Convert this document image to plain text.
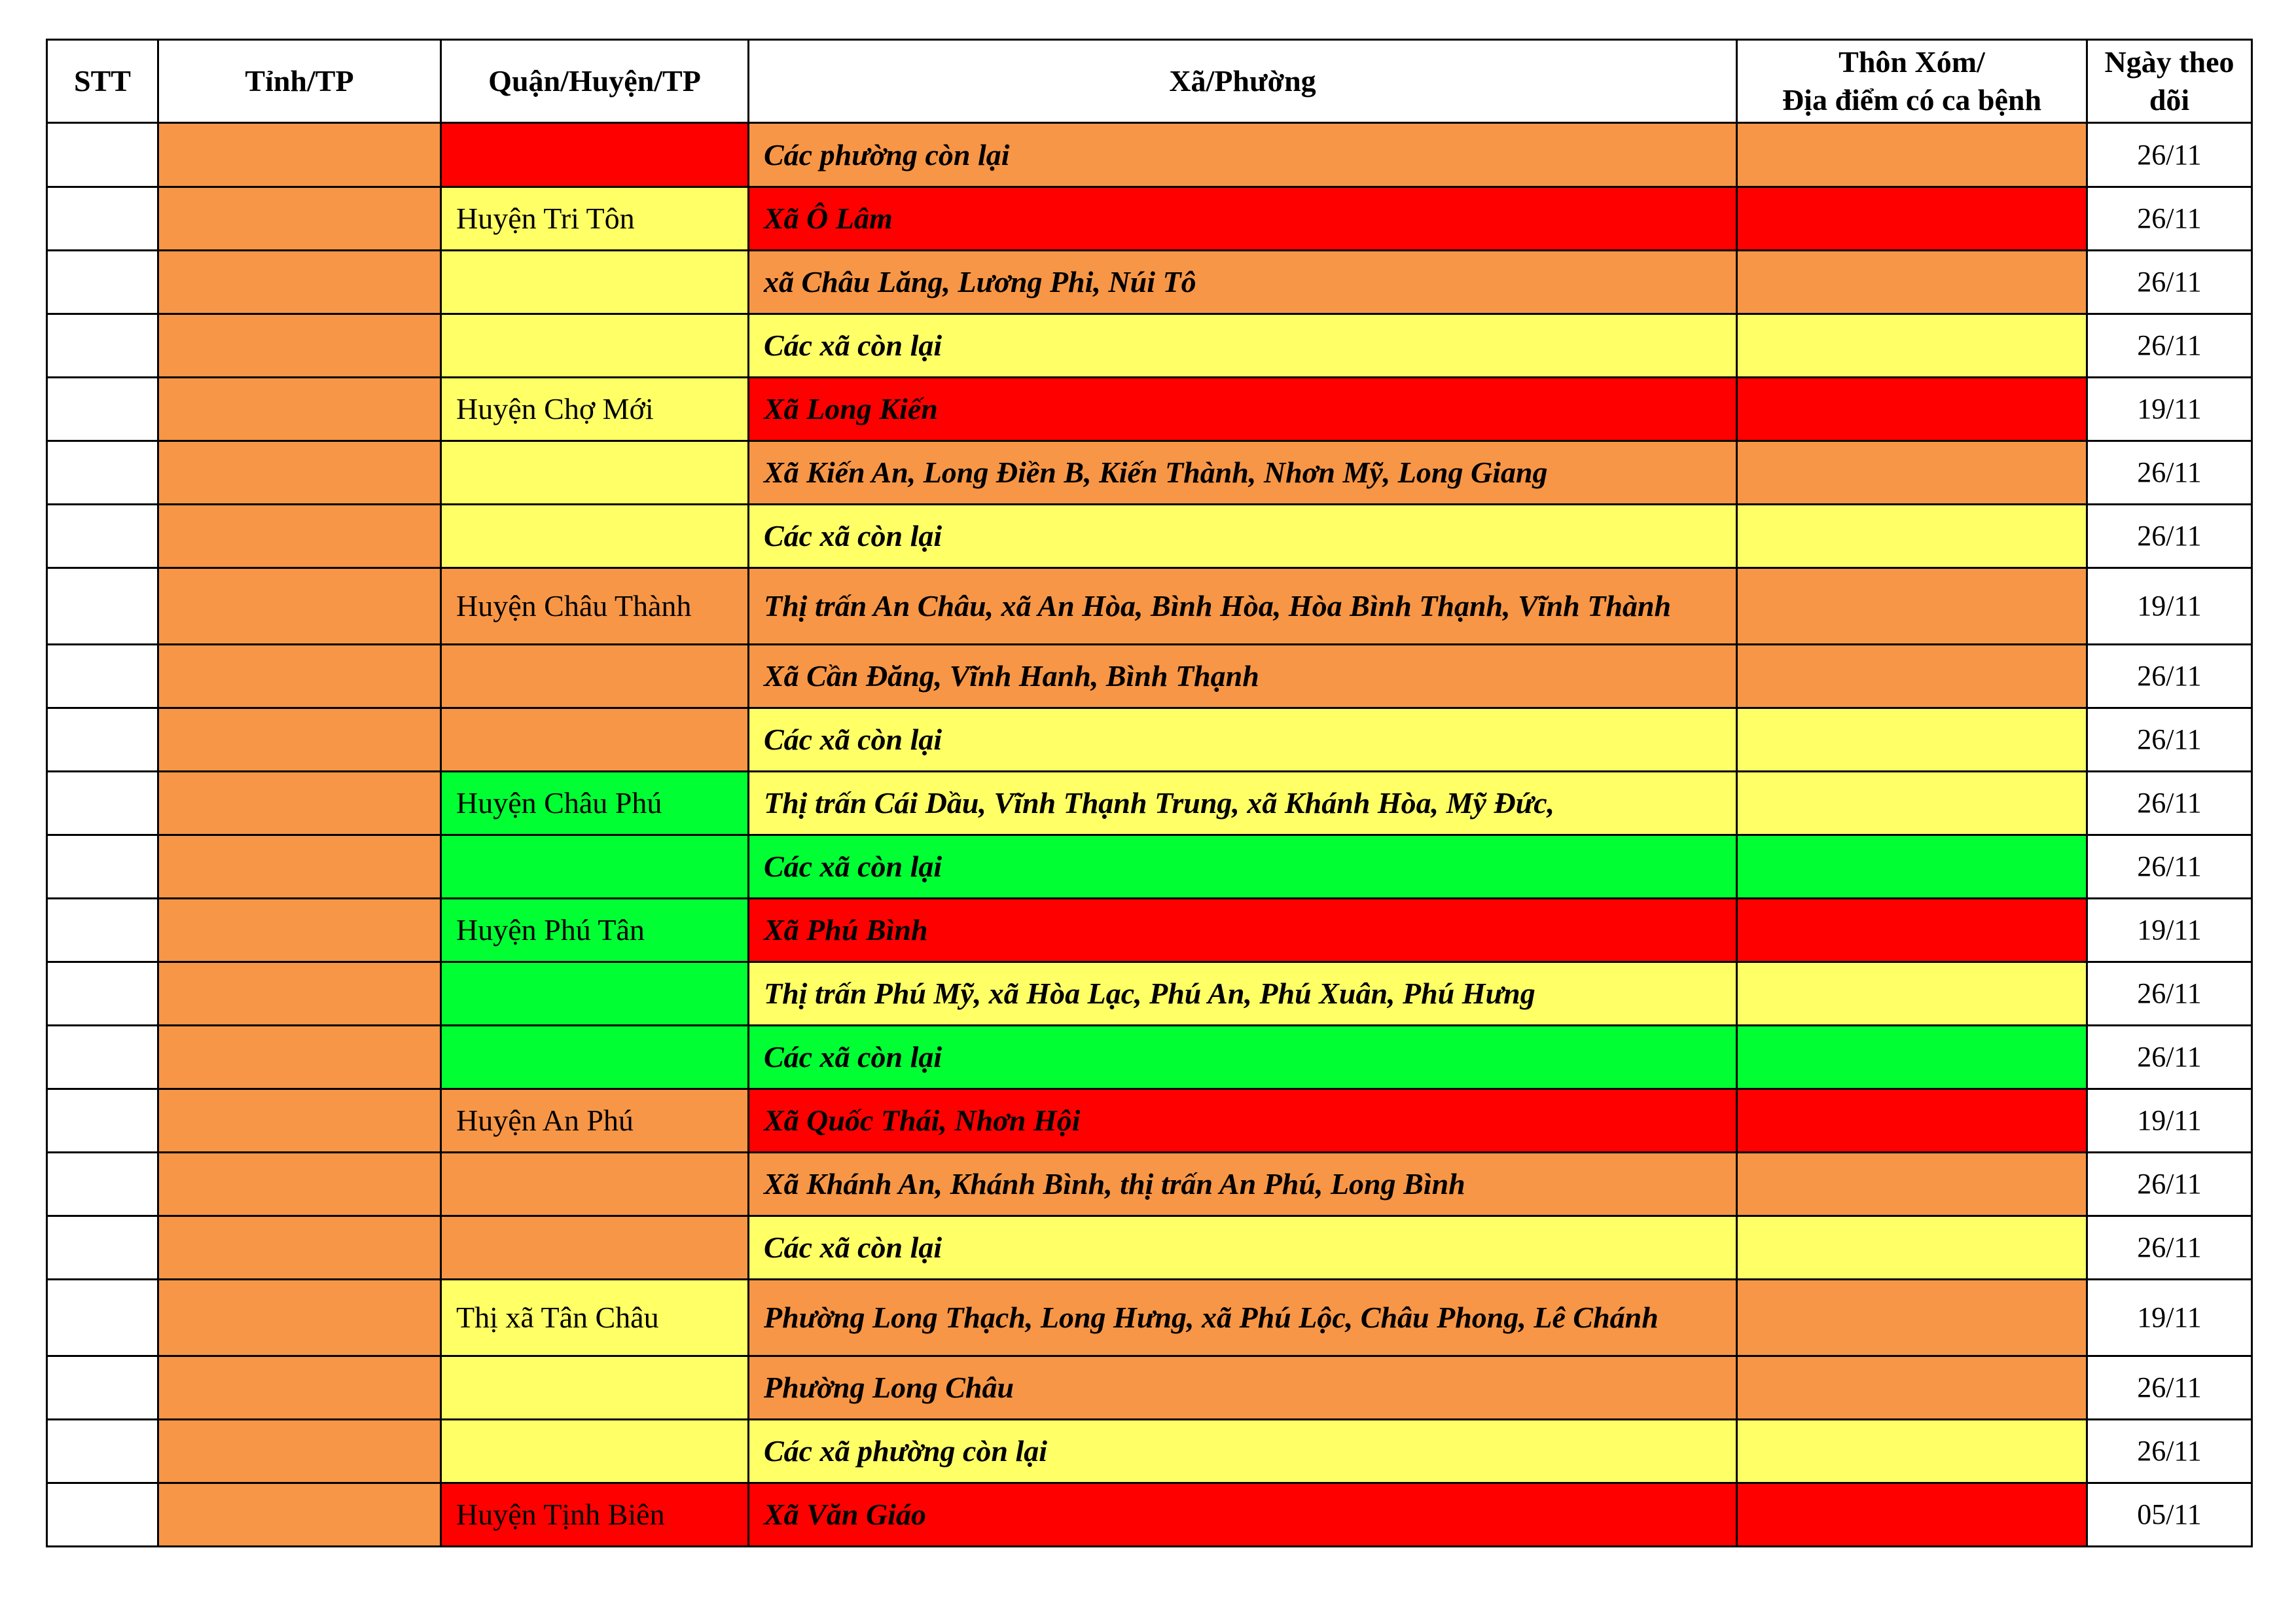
STT	Tỉnh/TP	Quận/Huyện/TP	Xã/Phường	Thôn Xóm/
Địa điểm có ca bệnh	Ngày theo
dõi
			Các phường còn lại		26/11
		Huyện Tri Tôn	Xã Ô Lâm		26/11
			xã Châu Lăng, Lương Phi, Núi Tô		26/11
			Các xã còn lại		26/11
		Huyện Chợ Mới	Xã Long Kiến		19/11
			Xã Kiến An, Long Điền B, Kiến Thành, Nhơn Mỹ, Long Giang		26/11
			Các xã còn lại		26/11
		Huyện Châu Thành	Thị trấn An Châu, xã An Hòa, Bình Hòa, Hòa Bình Thạnh, Vĩnh Thành		19/11
			Xã Cần Đăng, Vĩnh Hanh, Bình Thạnh		26/11
			Các xã còn lại		26/11
		Huyện Châu Phú	Thị trấn Cái Dầu, Vĩnh Thạnh Trung, xã Khánh Hòa, Mỹ Đức,		26/11
			Các xã còn lại		26/11
		Huyện Phú Tân	Xã Phú Bình		19/11
			Thị trấn Phú Mỹ, xã Hòa Lạc, Phú An, Phú Xuân, Phú Hưng		26/11
			Các xã còn lại		26/11
		Huyện An Phú	Xã Quốc Thái, Nhơn Hội		19/11
			Xã Khánh An, Khánh Bình, thị trấn An Phú, Long Bình		26/11
			Các xã còn lại		26/11
		Thị xã Tân Châu	Phường Long Thạch, Long Hưng, xã Phú Lộc, Châu Phong, Lê Chánh		19/11
			Phường Long Châu		26/11
			Các xã phường còn lại		26/11
		Huyện Tịnh Biên	Xã Văn Giáo		05/11
